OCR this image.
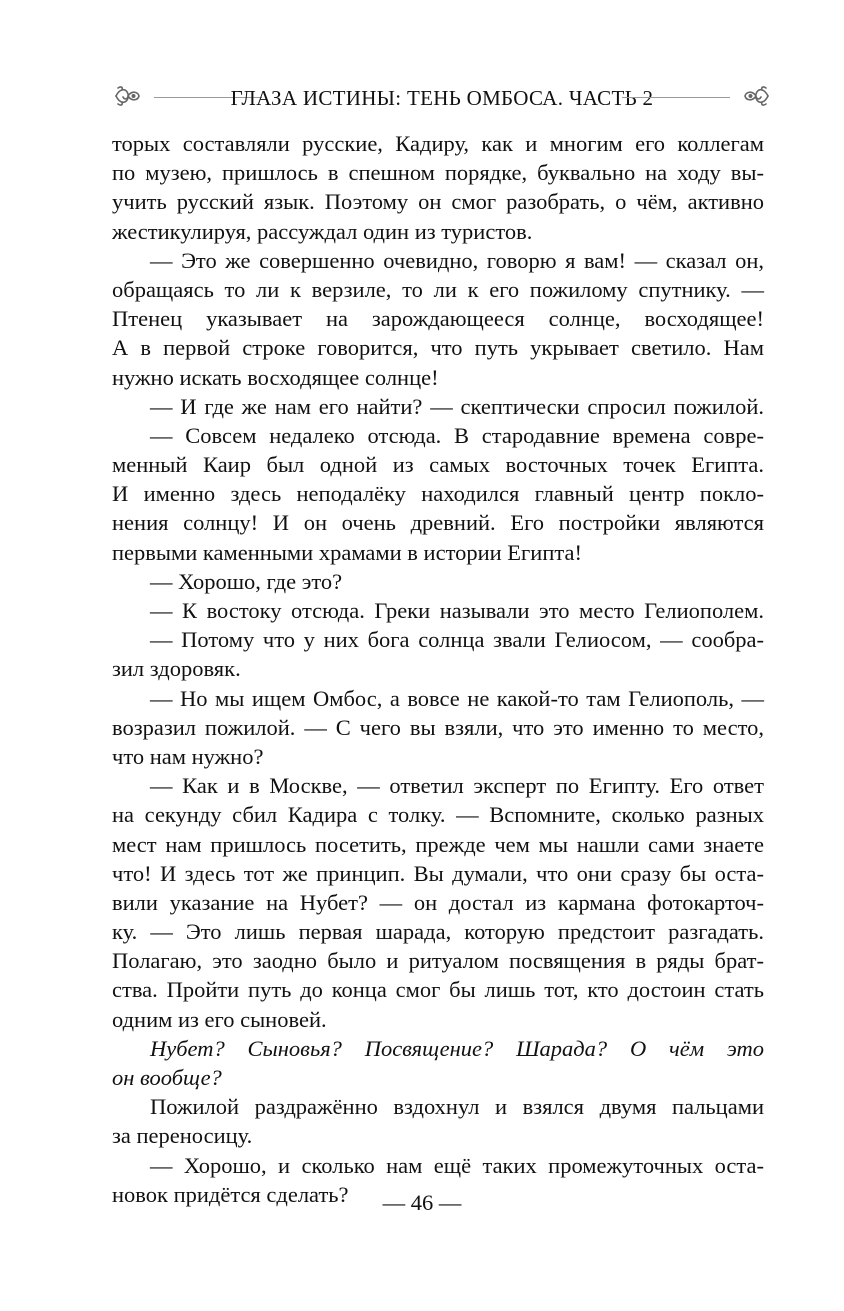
ГЛАЗА ИСТИНЫ: ТЕНЬ ОМБОСА. ЧАСТЬ 2
торых составляли русские, Кадиру, как и многим его коллегам
по музею, пришлось в спешном порядке, буквально на ходу вы-
учить русский язык. Поэтому он смог разобрать, о чём, активно
жестикулируя, рассуждал один из туристов.
— Это же совершенно очевидно, говорю я вам! — сказал он,
обращаясь то ли к верзиле, то ли к его пожилому спутнику. —
Птенец указывает на зарождающееся солнце, восходящее!
А в первой строке говорится, что путь укрывает светило. Нам
нужно искать восходящее солнце!
— И где же нам его найти? — скептически спросил пожилой.
— Совсем недалеко отсюда. В стародавние времена совре-
менный Каир был одной из самых восточных точек Египта.
И именно здесь неподалёку находился главный центр покло-
нения солнцу! И он очень древний. Его постройки являются
первыми каменными храмами в истории Египта!
— Хорошо, где это?
— К востоку отсюда. Греки называли это место Гелиополем.
— Потому что у них бога солнца звали Гелиосом, — сообра-
зил здоровяк.
— Но мы ищем Омбос, а вовсе не какой-то там Гелиополь, —
возразил пожилой. — С чего вы взяли, что это именно то место,
что нам нужно?
— Как и в Москве, — ответил эксперт по Египту. Его ответ
на секунду сбил Кадира с толку. — Вспомните, сколько разных
мест нам пришлось посетить, прежде чем мы нашли сами знаете
что! И здесь тот же принцип. Вы думали, что они сразу бы оста-
вили указание на Нубет? — он достал из кармана фотокарточ-
ку. — Это лишь первая шарада, которую предстоит разгадать.
Полагаю, это заодно было и ритуалом посвящения в ряды брат-
ства. Пройти путь до конца смог бы лишь тот, кто достоин стать
одним из его сыновей.
Нубет? Сыновья? Посвящение? Шарада? О чём это
он вообще?
Пожилой раздражённо вздохнул и взялся двумя пальцами
за переносицу.
— Хорошо, и сколько нам ещё таких промежуточных оста-
новок придётся сделать?	— 46 —
